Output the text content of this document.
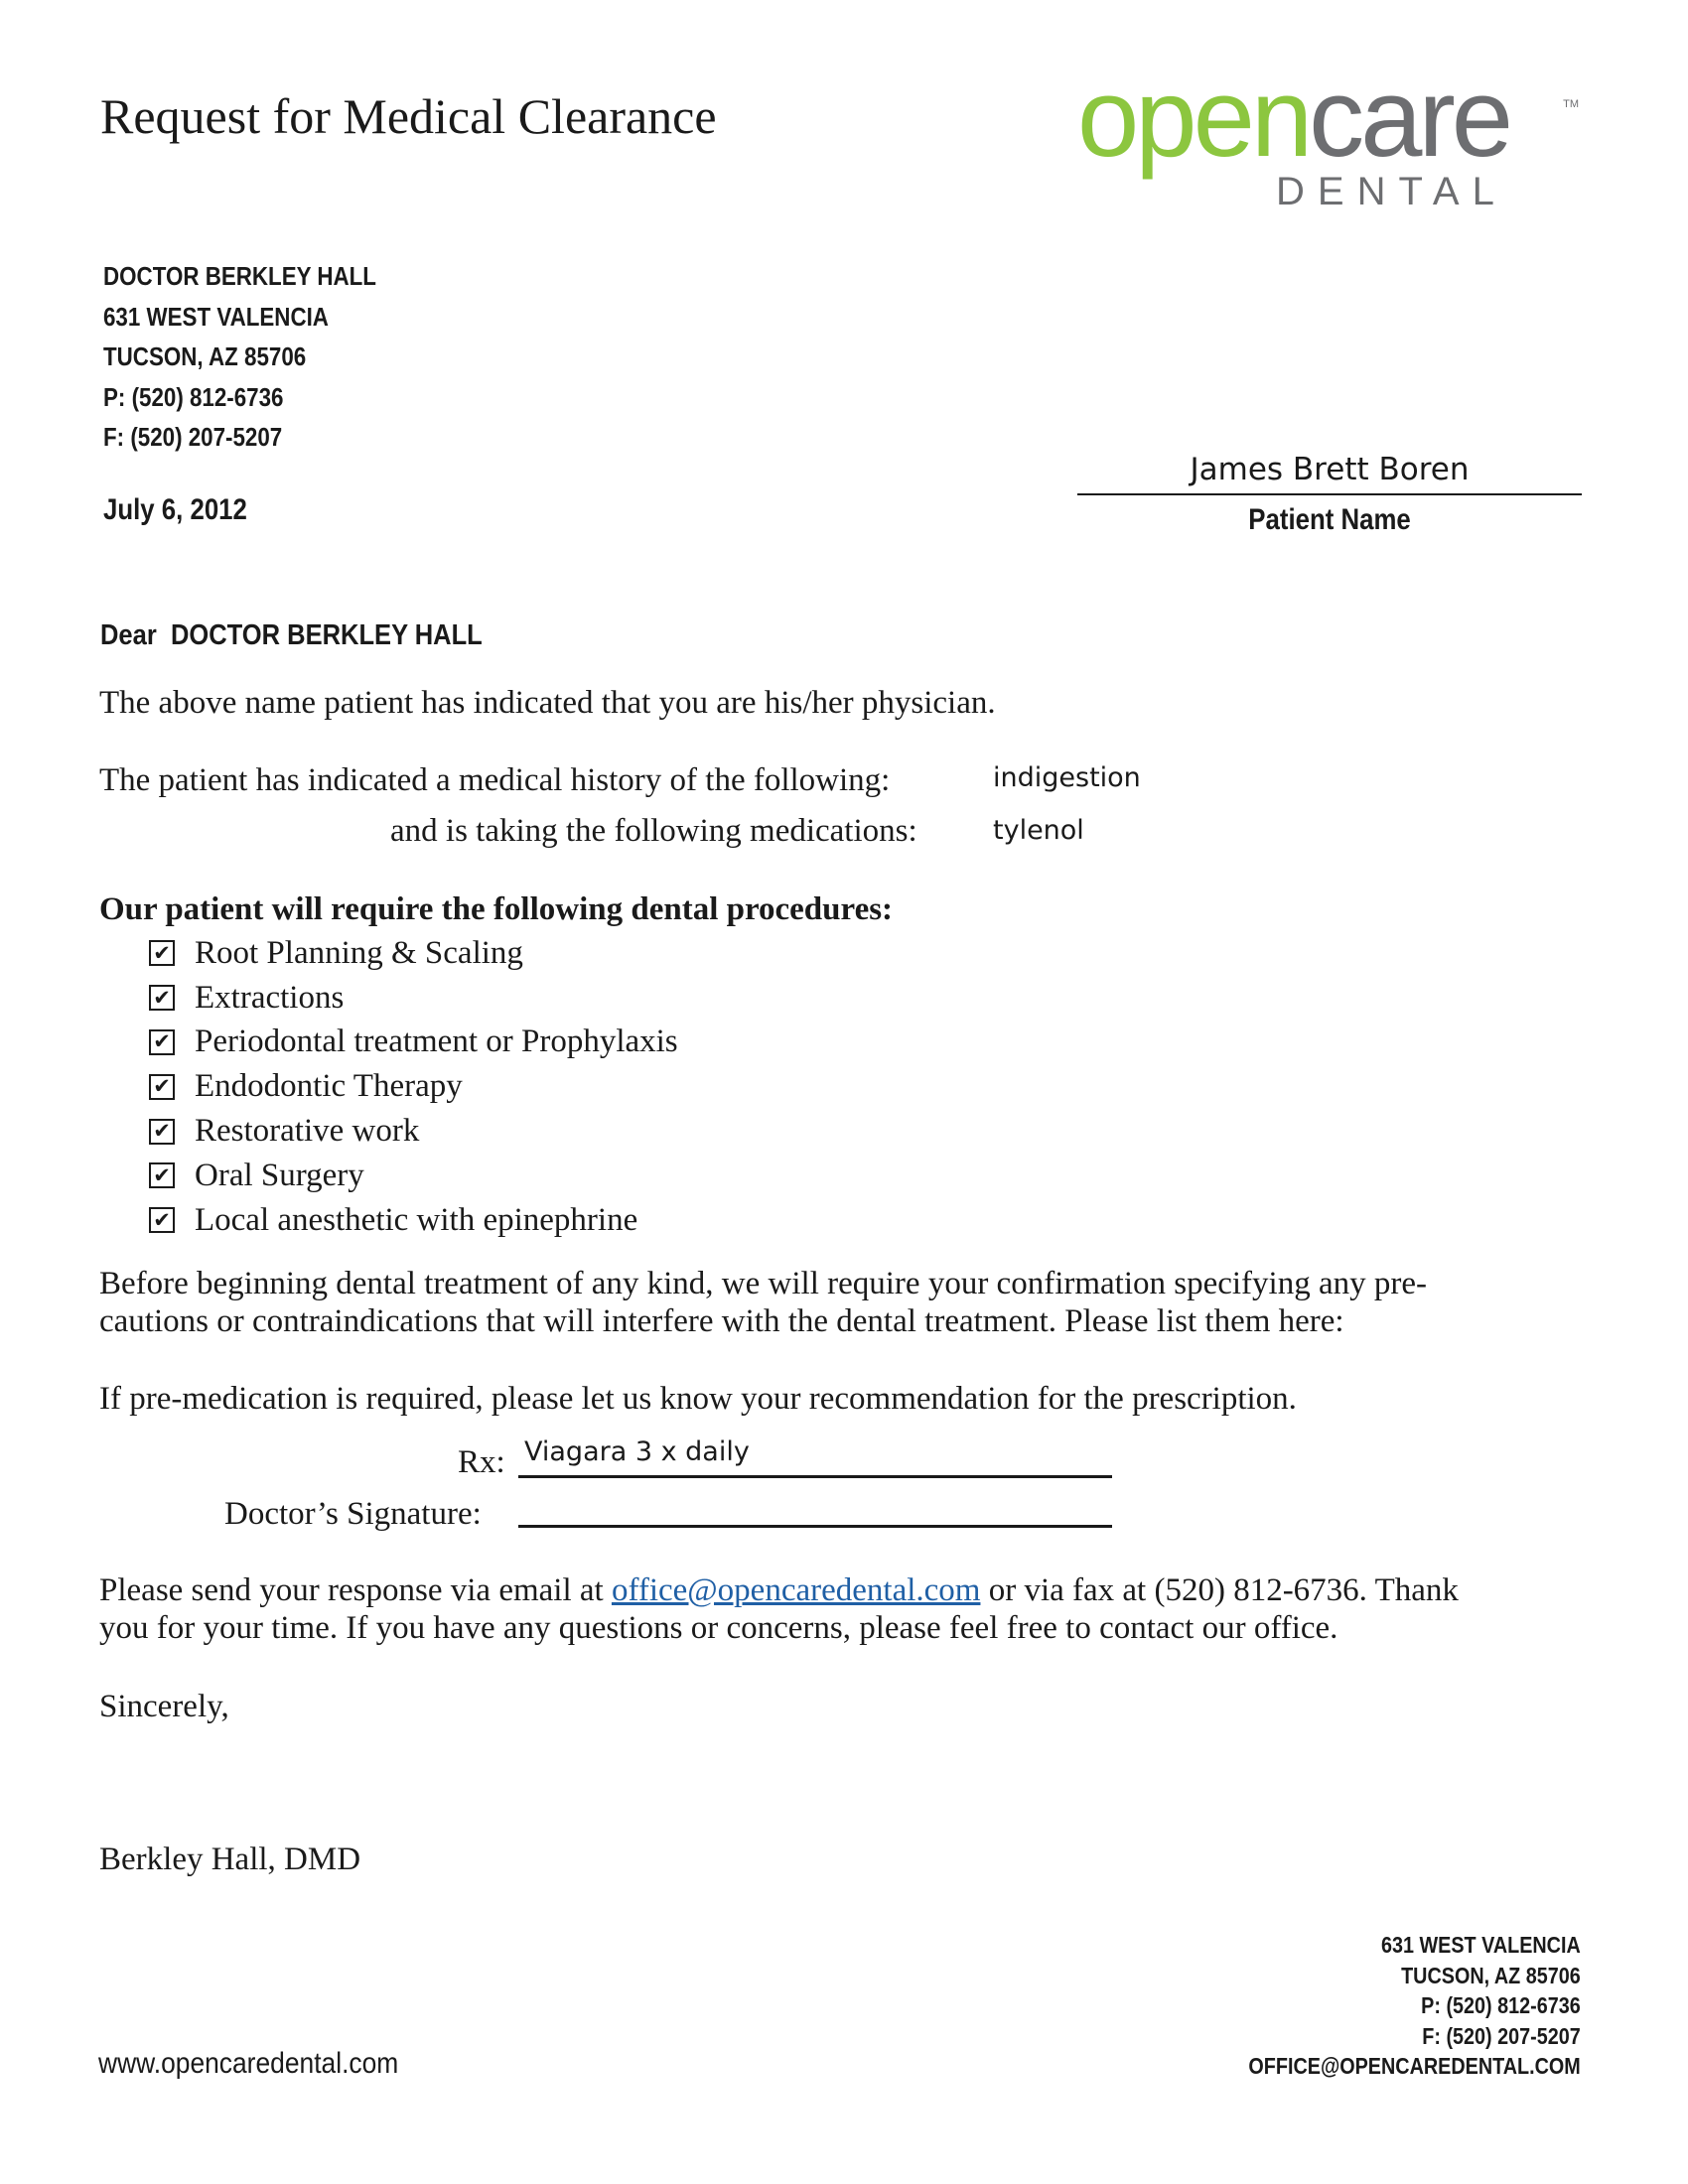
Request for Medical Clearance	opencare	TM
DENTAL
DOCTOR BERKLEY HALL
631 WEST VALENCIA
TUCSON, AZ 85706
P: (520) 812-6736
F: (520) 207-5207
July 6, 2012
James Brett Boren
Patient Name
Dear DOCTOR BERKLEY HALL
The above name patient has indicated that you are his/her physician.
The patient has indicated a medical history of the following:	indigestion
and is taking the following medications:	tylenol
Our patient will require the following dental procedures:
✔ Root Planning & Scaling
✔ Extractions
✔ Periodontal treatment or Prophylaxis
✔ Endodontic Therapy
✔ Restorative work
✔ Oral Surgery
✔ Local anesthetic with epinephrine
Before beginning dental treatment of any kind, we will require your confirmation specifying any pre-
cautions or contraindications that will interfere with the dental treatment. Please list them here:
If pre-medication is required, please let us know your recommendation for the prescription.
Rx: Viagara 3 x daily
Doctor’s Signature:
Please send your response via email at office@opencaredental.com or via fax at (520) 812-6736. Thank
you for your time. If you have any questions or concerns, please feel free to contact our office.
Sincerely,
Berkley Hall, DMD
www.opencaredental.com
631 WEST VALENCIA
TUCSON, AZ 85706
P: (520) 812-6736
F: (520) 207-5207
OFFICE@OPENCAREDENTAL.COM
